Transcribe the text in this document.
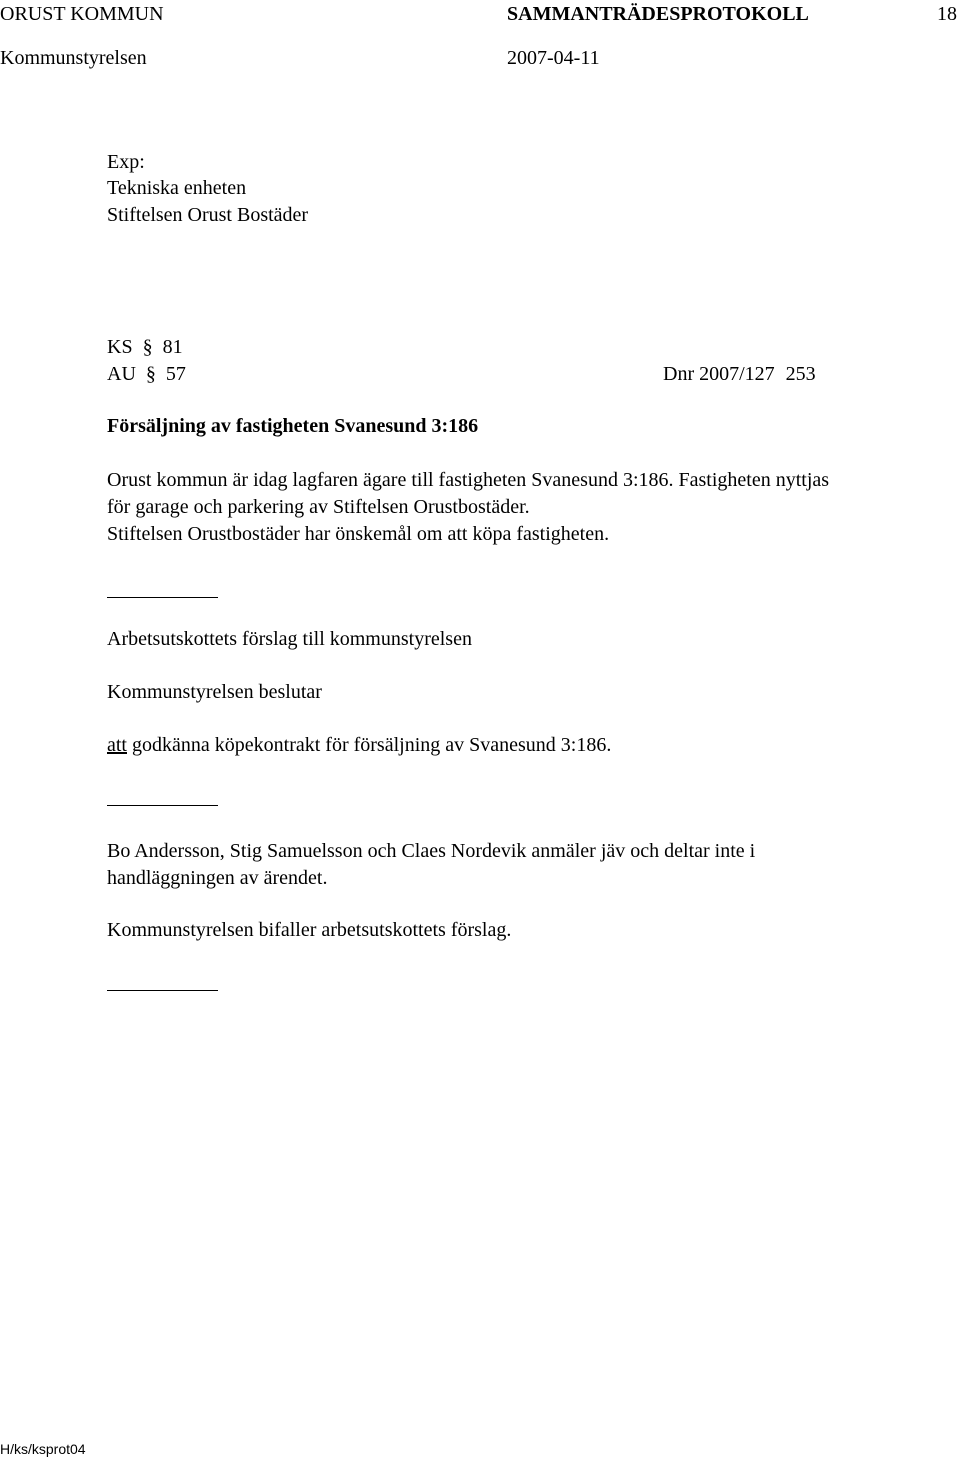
ORUST KOMMUN	SAMMANTRÄDESPROTOKOLL	18
Kommunstyrelsen	2007-04-11
Exp:
Tekniska enheten
Stiftelsen Orust Bostäder
KS § 81
AU § 57	Dnr 2007/127 253
Försäljning av fastigheten Svanesund 3:186
Orust kommun är idag lagfaren ägare till fastigheten Svanesund 3:186. Fastigheten nyttjas
för garage och parkering av Stiftelsen Orustbostäder.
Stiftelsen Orustbostäder har önskemål om att köpa fastigheten.
Arbetsutskottets förslag till kommunstyrelsen
Kommunstyrelsen beslutar
att godkänna köpekontrakt för försäljning av Svanesund 3:186.
Bo Andersson, Stig Samuelsson och Claes Nordevik anmäler jäv och deltar inte i
handläggningen av ärendet.
Kommunstyrelsen bifaller arbetsutskottets förslag.
H/ks/ksprot04
